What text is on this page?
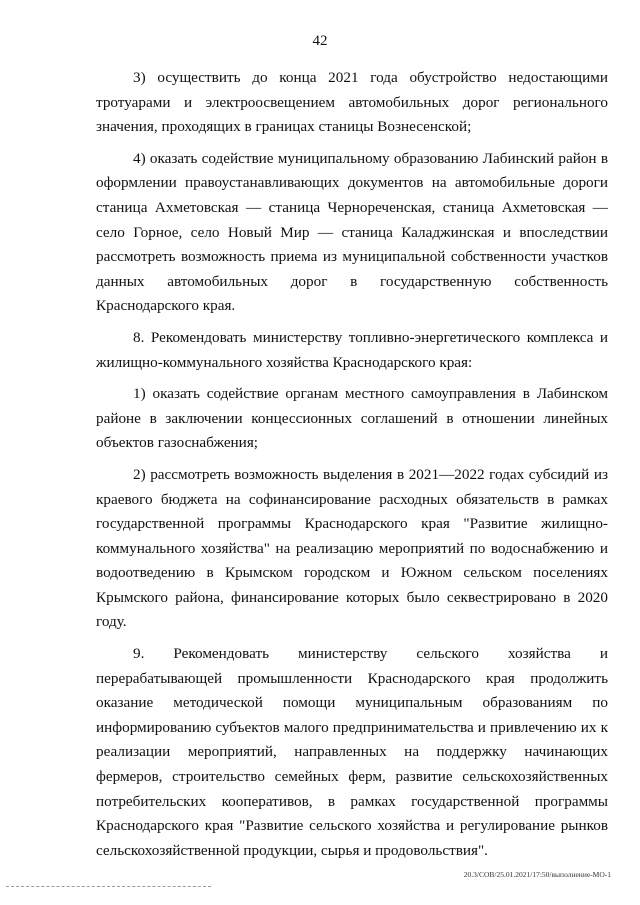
42

3) осуществить до конца 2021 года обустройство недостающими тротуарами и электроосвещением автомобильных дорог регионального значения, проходящих в границах станицы Вознесенской;

4) оказать содействие муниципальному образованию Лабинский район в оформлении правоустанавливающих документов на автомобильные дороги станица Ахметовская — станица Чернореченская, станица Ахметовская — село Горное, село Новый Мир — станица Каладжинская и впоследствии рассмотреть возможность приема из муниципальной собственности участков данных автомобильных дорог в государственную собственность Краснодарского края.

8. Рекомендовать министерству топливно-энергетического комплекса и жилищно-коммунального хозяйства Краснодарского края:

1) оказать содействие органам местного самоуправления в Лабинском районе в заключении концессионных соглашений в отношении линейных объектов газоснабжения;

2) рассмотреть возможность выделения в 2021—2022 годах субсидий из краевого бюджета на софинансирование расходных обязательств в рамках государственной программы Краснодарского края "Развитие жилищно-коммунального хозяйства" на реализацию мероприятий по водоснабжению и водоотведению в Крымском городском и Южном сельском поселениях Крымского района, финансирование которых было секвестрировано в 2020 году.

9. Рекомендовать министерству сельского хозяйства и перерабатывающей промышленности Краснодарского края продолжить оказание методической помощи муниципальным образованиям по информированию субъектов малого предпринимательства и привлечению их к реализации мероприятий, направленных на поддержку начинающих фермеров, строительство семейных ферм, развитие сельскохозяйственных потребительских кооперативов, в рамках государственной программы Краснодарского края "Развитие сельского хозяйства и регулирование рынков сельскохозяйственной продукции, сырья и продовольствия".

20.3/СОВ/25.01.2021/17:50/выполнение-МО-1
